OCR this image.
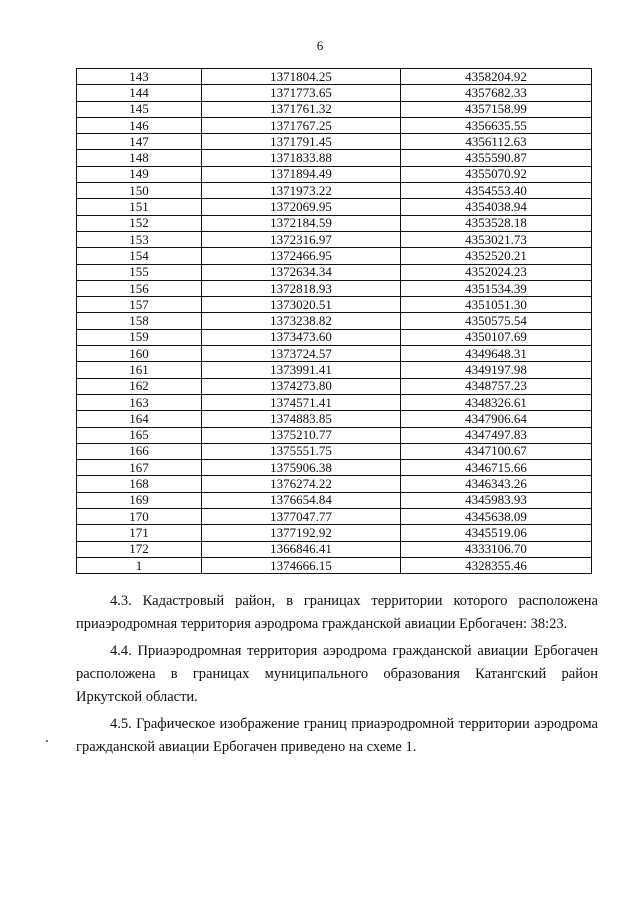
6
143	1371804.25	4358204.92
144	1371773.65	4357682.33
145	1371761.32	4357158.99
146	1371767.25	4356635.55
147	1371791.45	4356112.63
148	1371833.88	4355590.87
149	1371894.49	4355070.92
150	1371973.22	4354553.40
151	1372069.95	4354038.94
152	1372184.59	4353528.18
153	1372316.97	4353021.73
154	1372466.95	4352520.21
155	1372634.34	4352024.23
156	1372818.93	4351534.39
157	1373020.51	4351051.30
158	1373238.82	4350575.54
159	1373473.60	4350107.69
160	1373724.57	4349648.31
161	1373991.41	4349197.98
162	1374273.80	4348757.23
163	1374571.41	4348326.61
164	1374883.85	4347906.64
165	1375210.77	4347497.83
166	1375551.75	4347100.67
167	1375906.38	4346715.66
168	1376274.22	4346343.26
169	1376654.84	4345983.93
170	1377047.77	4345638.09
171	1377192.92	4345519.06
172	1366846.41	4333106.70
1	1374666.15	4328355.46

4.3. Кадастровый район, в границах территории которого расположена приаэродромная территория аэродрома гражданской авиации Ербогачен: 38:23.

4.4. Приаэродромная территория аэродрома гражданской авиации Ербогачен расположена в границах муниципального образования Катангский район Иркутской области.

4.5. Графическое изображение границ приаэродромной территории аэродрома гражданской авиации Ербогачен приведено на схеме 1.
